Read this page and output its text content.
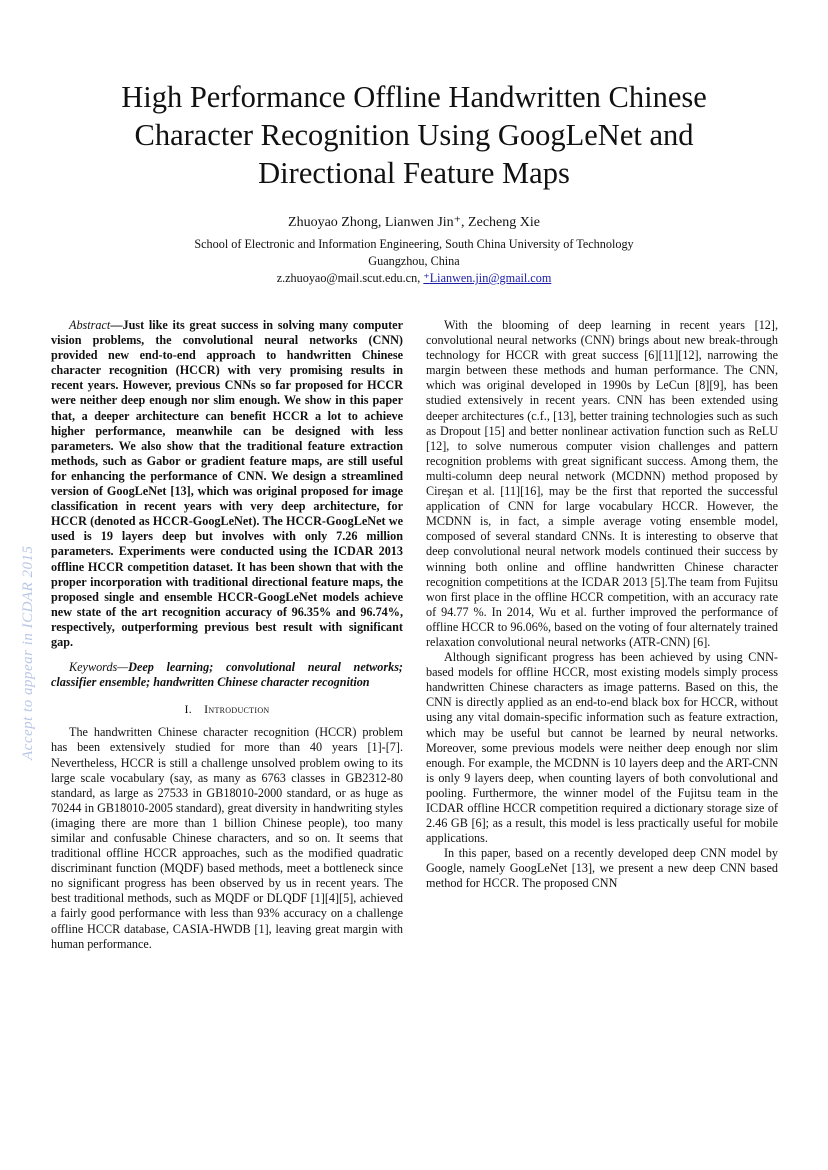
High Performance Offline Handwritten Chinese
Character Recognition Using GoogLeNet and
Directional Feature Maps
Zhuoyao Zhong, Lianwen Jin⁺, Zecheng Xie
School of Electronic and Information Engineering, South China University of Technology
Guangzhou, China
z.zhuoyao@mail.scut.edu.cn, ⁺Lianwen.jin@gmail.com
Accept to appear in ICDAR 2015

Abstract—Just like its great success in solving many computer vision problems, the convolutional neural networks (CNN) provided new end-to-end approach to handwritten Chinese character recognition (HCCR) with very promising results in recent years. However, previous CNNs so far proposed for HCCR were neither deep enough nor slim enough. We show in this paper that, a deeper architecture can benefit HCCR a lot to achieve higher performance, meanwhile can be designed with less parameters. We also show that the traditional feature extraction methods, such as Gabor or gradient feature maps, are still useful for enhancing the performance of CNN. We design a streamlined version of GoogLeNet [13], which was original proposed for image classification in recent years with very deep architecture, for HCCR (denoted as HCCR-GoogLeNet). The HCCR-GoogLeNet we used is 19 layers deep but involves with only 7.26 million parameters. Experiments were conducted using the ICDAR 2013 offline HCCR competition dataset. It has been shown that with the proper incorporation with traditional directional feature maps, the proposed single and ensemble HCCR-GoogLeNet models achieve new state of the art recognition accuracy of 96.35% and 96.74%, respectively, outperforming previous best result with significant gap.

Keywords—Deep learning; convolutional neural networks; classifier ensemble; handwritten Chinese character recognition

I. Introduction

The handwritten Chinese character recognition (HCCR) problem has been extensively studied for more than 40 years [1]-[7]. Nevertheless, HCCR is still a challenge unsolved problem owing to its large scale vocabulary (say, as many as 6763 classes in GB2312-80 standard, as large as 27533 in GB18010-2000 standard, or as huge as 70244 in GB18010-2005 standard), great diversity in handwriting styles (imaging there are more than 1 billion Chinese people), too many similar and confusable Chinese characters, and so on. It seems that traditional offline HCCR approaches, such as the modified quadratic discriminant function (MQDF) based methods, meet a bottleneck since no significant progress has been observed by us in recent years. The best traditional methods, such as MQDF or DLQDF [1][4][5], achieved a fairly good performance with less than 93% accuracy on a challenge offline HCCR database, CASIA-HWDB [1], leaving great margin with human performance.

With the blooming of deep learning in recent years [12], convolutional neural networks (CNN) brings about new break-through technology for HCCR with great success [6][11][12], narrowing the margin between these methods and human performance. The CNN, which was original developed in 1990s by LeCun [8][9], has been studied extensively in recent years. CNN has been extended using deeper architectures (c.f., [13], better training technologies such as such as Dropout [15] and better nonlinear activation function such as ReLU [12], to solve numerous computer vision challenges and pattern recognition problems with great significant success. Among them, the multi-column deep neural network (MCDNN) method proposed by Cireşan et al. [11][16], may be the first that reported the successful application of CNN for large vocabulary HCCR. However, the MCDNN is, in fact, a simple average voting ensemble model, composed of several standard CNNs. It is interesting to observe that deep convolutional neural network models continued their success by winning both online and offline handwritten Chinese character recognition competitions at the ICDAR 2013 [5].The team from Fujitsu won first place in the offline HCCR competition, with an accuracy rate of 94.77 %. In 2014, Wu et al. further improved the performance of offline HCCR to 96.06%, based on the voting of four alternately trained relaxation convolutional neural networks (ATR-CNN) [6].

Although significant progress has been achieved by using CNN-based models for offline HCCR, most existing models simply process handwritten Chinese characters as image patterns. Based on this, the CNN is directly applied as an end-to-end black box for HCCR, without using any vital domain-specific information such as feature extraction, which may be useful but cannot be learned by neural networks. Moreover, some previous models were neither deep enough nor slim enough. For example, the MCDNN is 10 layers deep and the ART-CNN is only 9 layers deep, when counting layers of both convolutional and pooling. Furthermore, the winner model of the Fujitsu team in the ICDAR offline HCCR competition required a dictionary storage size of 2.46 GB [6]; as a result, this model is less practically useful for mobile applications.

In this paper, based on a recently developed deep CNN model by Google, namely GoogLeNet [13], we present a new deep CNN based method for HCCR. The proposed CNN
